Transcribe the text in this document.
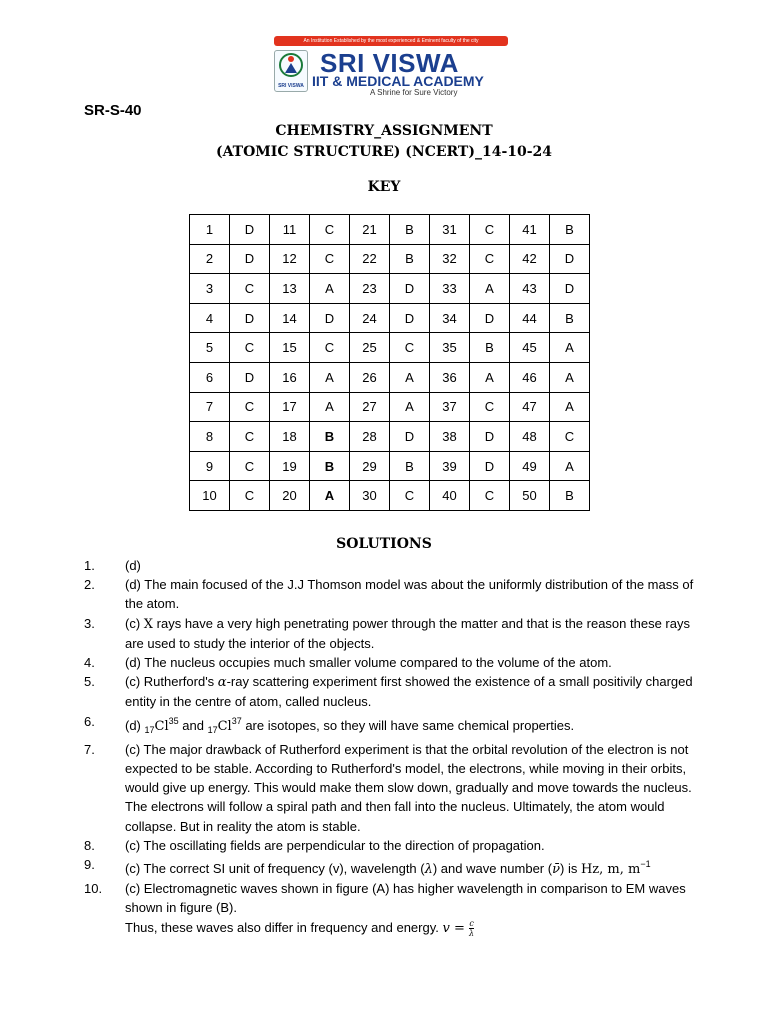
An Institution Established by the most experienced & Eminent faculty of the city
SRI VISWA
SRI VISWA
IIT & MEDICAL ACADEMY
A Shrine for Sure Victory
SR-S-40
CHEMISTRY_ASSIGNMENT
(ATOMIC STRUCTURE) (NCERT)_14-10-24
KEY
1	D	11	C	21	B	31	C	41	B
2	D	12	C	22	B	32	C	42	D
3	C	13	A	23	D	33	A	43	D
4	D	14	D	24	D	34	D	44	B
5	C	15	C	25	C	35	B	45	A
6	D	16	A	26	A	36	A	46	A
7	C	17	A	27	A	37	C	47	A
8	C	18	B	28	D	38	D	48	C
9	C	19	B	29	B	39	D	49	A
10	C	20	A	30	C	40	C	50	B
SOLUTIONS
1. (d)
2. (d) The main focused of the J.J Thomson model was about the uniformly distribution of the mass of the atom.
3. (c) X rays have a very high penetrating power through the matter and that is the reason these rays are used to study the interior of the objects.
4. (d) The nucleus occupies much smaller volume compared to the volume of the atom.
5. (c) Rutherford's α-ray scattering experiment first showed the existence of a small positivily charged entity in the centre of atom, called nucleus.
6. (d) $_{17}Cl^{35}$ and $_{17}Cl^{37}$ are isotopes, so they will have same chemical properties.
7. (c) The major drawback of Rutherford experiment is that the orbital revolution of the electron is not expected to be stable. According to Rutherford's model, the electrons, while moving in their orbits, would give up energy. This would make them slow down, gradually and move towards the nucleus. The electrons will follow a spiral path and then fall into the nucleus. Ultimately, the atom would collapse. But in reality the atom is stable.
8. (c) The oscillating fields are perpendicular to the direction of propagation.
9. (c) The correct SI unit of frequency (v), wavelength (λ) and wave number (ν̄) is Hz, m, $m^{-1}$
10. (c) Electromagnetic waves shown in figure (A) has higher wavelength in comparison to EM waves shown in figure (B).
Thus, these waves also differ in frequency and energy. $v = \frac{c}{\lambda}$
